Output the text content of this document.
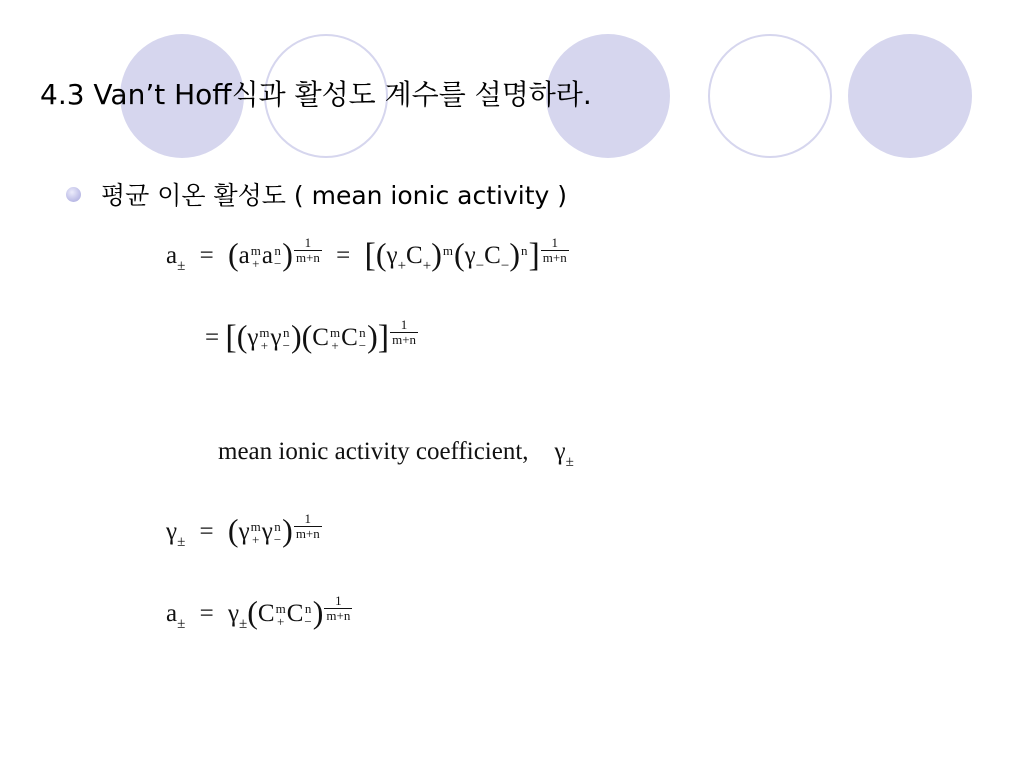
4.3 Van’t Hoff식과 활성도 계수를 설명하라.
평균 이온 활성도 ( mean ionic activity )
$a_\pm = (a$ m
+ a n
− ) $\frac{1}{m+n} = [(\gamma_+C_+)$ m $(\gamma_-C_-)$ n ] $\frac{1}{m+n}$
= [(γ m
+ γ n
− )(C m
+ C n
− )] $\frac{1}{m+n}$
mean ionic activity coefficient, $\gamma_\pm$
$\gamma_\pm = (\gamma$ m
+ γ n
− ) $\frac{1}{m+n}$
$a_\pm = \gamma_\pm(C$ m
+ C n
− ) $\frac{1}{m+n}$
